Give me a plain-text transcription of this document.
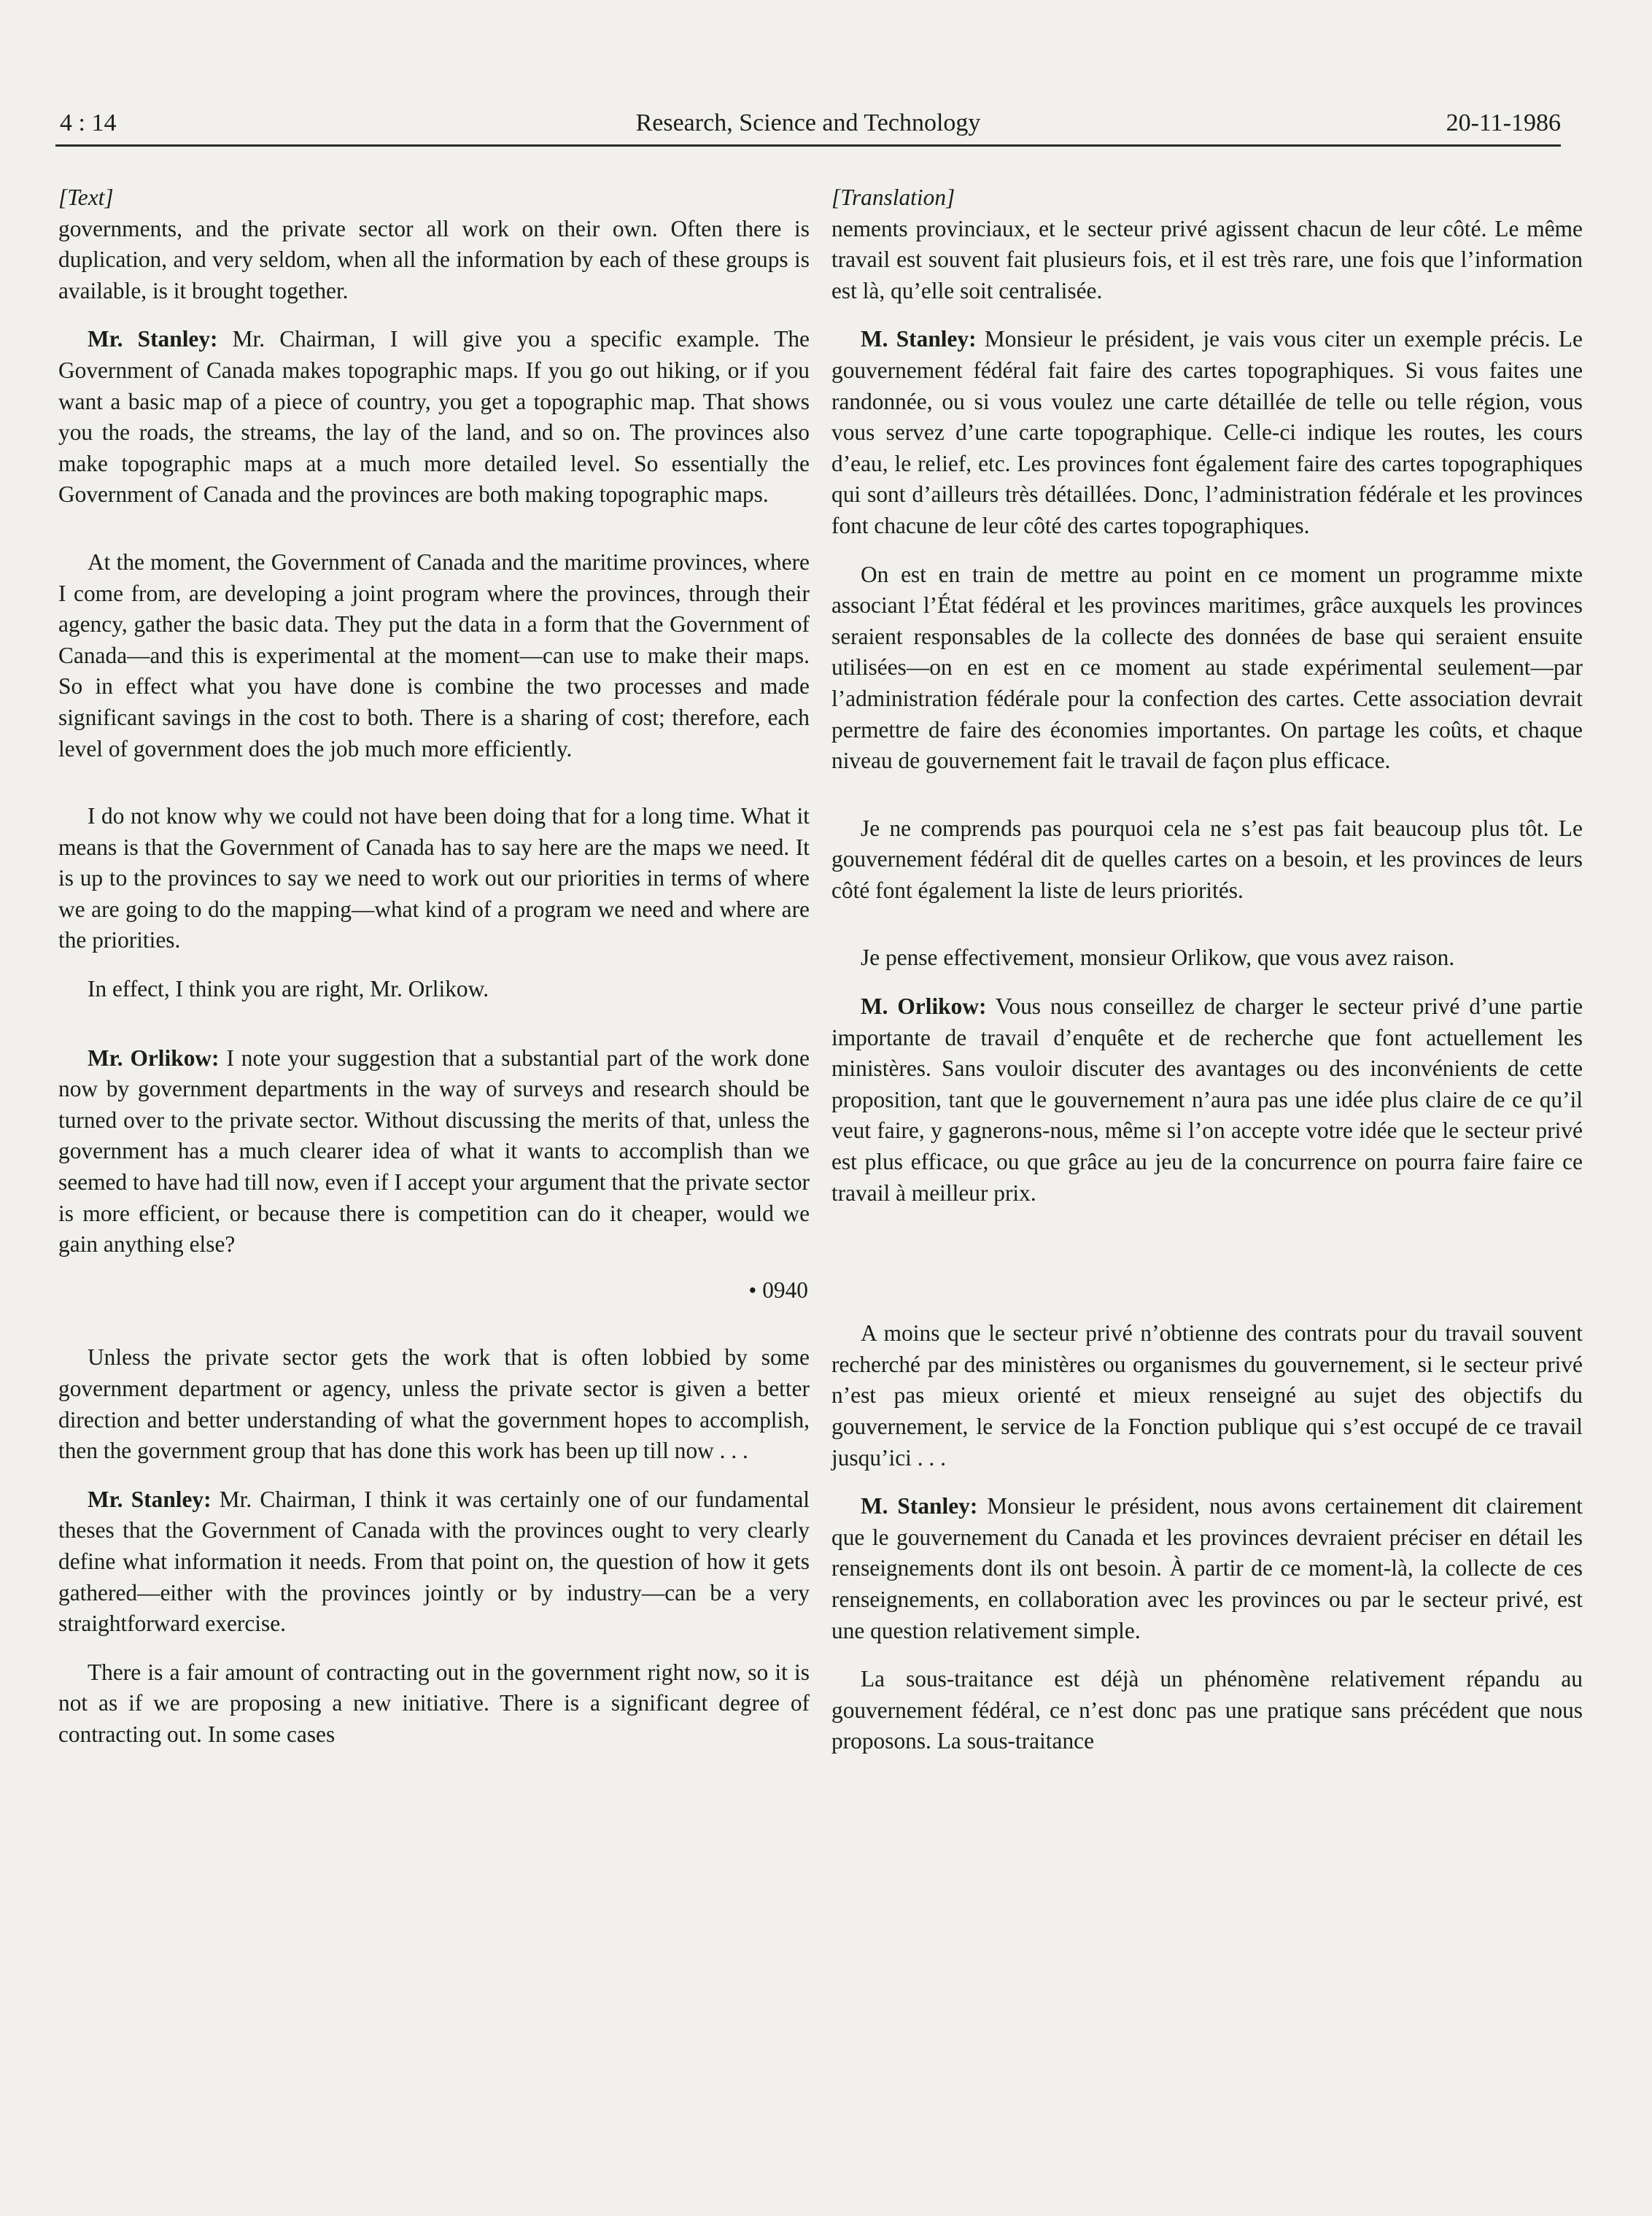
4 : 14	Research, Science and Technology	20-11-1986

[Text]

governments, and the private sector all work on their own. Often there is duplication, and very seldom, when all the information by each of these groups is available, is it brought together.

Mr. Stanley: Mr. Chairman, I will give you a specific example. The Government of Canada makes topographic maps. If you go out hiking, or if you want a basic map of a piece of country, you get a topographic map. That shows you the roads, the streams, the lay of the land, and so on. The provinces also make topographic maps at a much more detailed level. So essentially the Government of Canada and the provinces are both making topographic maps.

At the moment, the Government of Canada and the maritime provinces, where I come from, are developing a joint program where the provinces, through their agency, gather the basic data. They put the data in a form that the Government of Canada—and this is experimental at the moment—can use to make their maps. So in effect what you have done is combine the two processes and made significant savings in the cost to both. There is a sharing of cost; therefore, each level of government does the job much more efficiently.

I do not know why we could not have been doing that for a long time. What it means is that the Government of Canada has to say here are the maps we need. It is up to the provinces to say we need to work out our priorities in terms of where we are going to do the mapping—what kind of a program we need and where are the priorities.

In effect, I think you are right, Mr. Orlikow.

Mr. Orlikow: I note your suggestion that a substantial part of the work done now by government departments in the way of surveys and research should be turned over to the private sector. Without discussing the merits of that, unless the government has a much clearer idea of what it wants to accomplish than we seemed to have had till now, even if I accept your argument that the private sector is more efficient, or because there is competition can do it cheaper, would we gain anything else?

• 0940

Unless the private sector gets the work that is often lobbied by some government department or agency, unless the private sector is given a better direction and better understanding of what the government hopes to accomplish, then the government group that has done this work has been up till now . . .

Mr. Stanley: Mr. Chairman, I think it was certainly one of our fundamental theses that the Government of Canada with the provinces ought to very clearly define what information it needs. From that point on, the question of how it gets gathered—either with the provinces jointly or by industry—can be a very straightforward exercise.

There is a fair amount of contracting out in the government right now, so it is not as if we are proposing a new initiative. There is a significant degree of contracting out. In some cases

[Translation]

nements provinciaux, et le secteur privé agissent chacun de leur côté. Le même travail est souvent fait plusieurs fois, et il est très rare, une fois que l’information est là, qu’elle soit centralisée.

M. Stanley: Monsieur le président, je vais vous citer un exemple précis. Le gouvernement fédéral fait faire des cartes topographiques. Si vous faites une randonnée, ou si vous voulez une carte détaillée de telle ou telle région, vous vous servez d’une carte topographique. Celle-ci indique les routes, les cours d’eau, le relief, etc. Les provinces font également faire des cartes topographiques qui sont d’ailleurs très détaillées. Donc, l’administration fédérale et les provinces font chacune de leur côté des cartes topographiques.

On est en train de mettre au point en ce moment un programme mixte associant l’État fédéral et les provinces maritimes, grâce auxquels les provinces seraient responsables de la collecte des données de base qui seraient ensuite utilisées—on en est en ce moment au stade expérimental seulement—par l’administration fédérale pour la confection des cartes. Cette association devrait permettre de faire des économies importantes. On partage les coûts, et chaque niveau de gouvernement fait le travail de façon plus efficace.

Je ne comprends pas pourquoi cela ne s’est pas fait beaucoup plus tôt. Le gouvernement fédéral dit de quelles cartes on a besoin, et les provinces de leurs côté font également la liste de leurs priorités.

Je pense effectivement, monsieur Orlikow, que vous avez raison.

M. Orlikow: Vous nous conseillez de charger le secteur privé d’une partie importante de travail d’enquête et de recherche que font actuellement les ministères. Sans vouloir discuter des avantages ou des inconvénients de cette proposition, tant que le gouvernement n’aura pas une idée plus claire de ce qu’il veut faire, y gagnerons-nous, même si l’on accepte votre idée que le secteur privé est plus efficace, ou que grâce au jeu de la concurrence on pourra faire faire ce travail à meilleur prix.

A moins que le secteur privé n’obtienne des contrats pour du travail souvent recherché par des ministères ou organismes du gouvernement, si le secteur privé n’est pas mieux orienté et mieux renseigné au sujet des objectifs du gouvernement, le service de la Fonction publique qui s’est occupé de ce travail jusqu’ici . . .

M. Stanley: Monsieur le président, nous avons certainement dit clairement que le gouvernement du Canada et les provinces devraient préciser en détail les renseignements dont ils ont besoin. À partir de ce moment-là, la collecte de ces renseignements, en collaboration avec les provinces ou par le secteur privé, est une question relativement simple.

La sous-traitance est déjà un phénomène relativement répandu au gouvernement fédéral, ce n’est donc pas une pratique sans précédent que nous proposons. La sous-traitance
